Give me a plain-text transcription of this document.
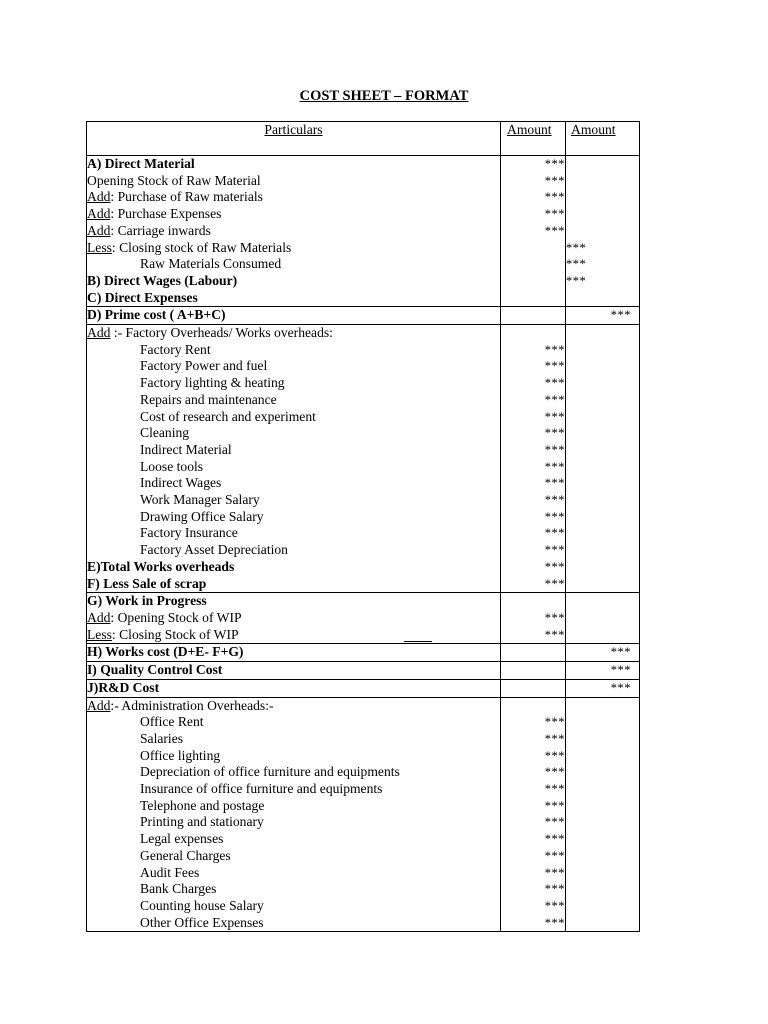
COST SHEET – FORMAT
Particulars	Amount	Amount
A) Direct Material	***	
Opening Stock of Raw Material	***	
Add: Purchase of Raw materials	***	
Add: Purchase Expenses	***	
Add: Carriage inwards	***	
Less: Closing stock of Raw Materials		***
Raw Materials Consumed		***
B) Direct Wages (Labour)		***
C) Direct Expenses		
D) Prime cost ( A+B+C)		***
Add :- Factory Overheads/ Works overheads:		
Factory Rent	***	
Factory Power and fuel	***	
Factory lighting & heating	***	
Repairs and maintenance	***	
Cost of research and experiment	***	
Cleaning	***	
Indirect Material	***	
Loose tools	***	
Indirect Wages	***	
Work Manager Salary	***	
Drawing Office Salary	***	
Factory Insurance	***	
Factory Asset Depreciation	***	
E)Total Works overheads	***	
F) Less Sale of scrap	***	
G) Work in Progress		
Add: Opening Stock of WIP	***	
Less: Closing Stock of WIP	***	
H) Works cost (D+E- F+G)		***
I) Quality Control Cost		***
J)R&D Cost		***
Add:- Administration Overheads:-		
Office Rent	***	
Salaries	***	
Office lighting	***	
Depreciation of office furniture and equipments	***	
Insurance of office furniture and equipments	***	
Telephone and postage	***	
Printing and stationary	***	
Legal expenses	***	
General Charges	***	
Audit Fees	***	
Bank Charges	***	
Counting house Salary	***	
Other Office Expenses	***	
